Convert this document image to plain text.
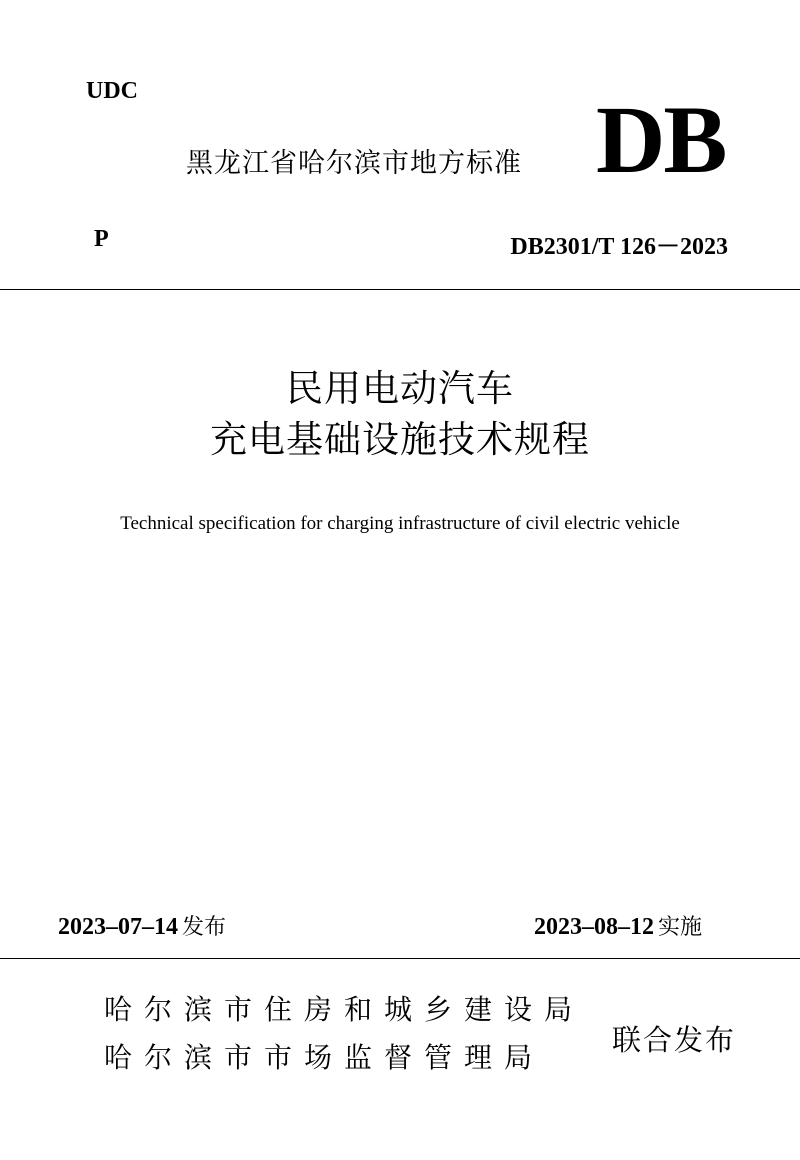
UDC
黑龙江省哈尔滨市地方标准 DB
P	DB2301/T 126－2023
民用电动汽车
充电基础设施技术规程
Technical specification for charging infrastructure of civil electric vehicle
2023–07–14 发布	2023–08–12 实施
哈尔滨市住房和城乡建设局
哈尔滨市市场监督管理局
联合发布
